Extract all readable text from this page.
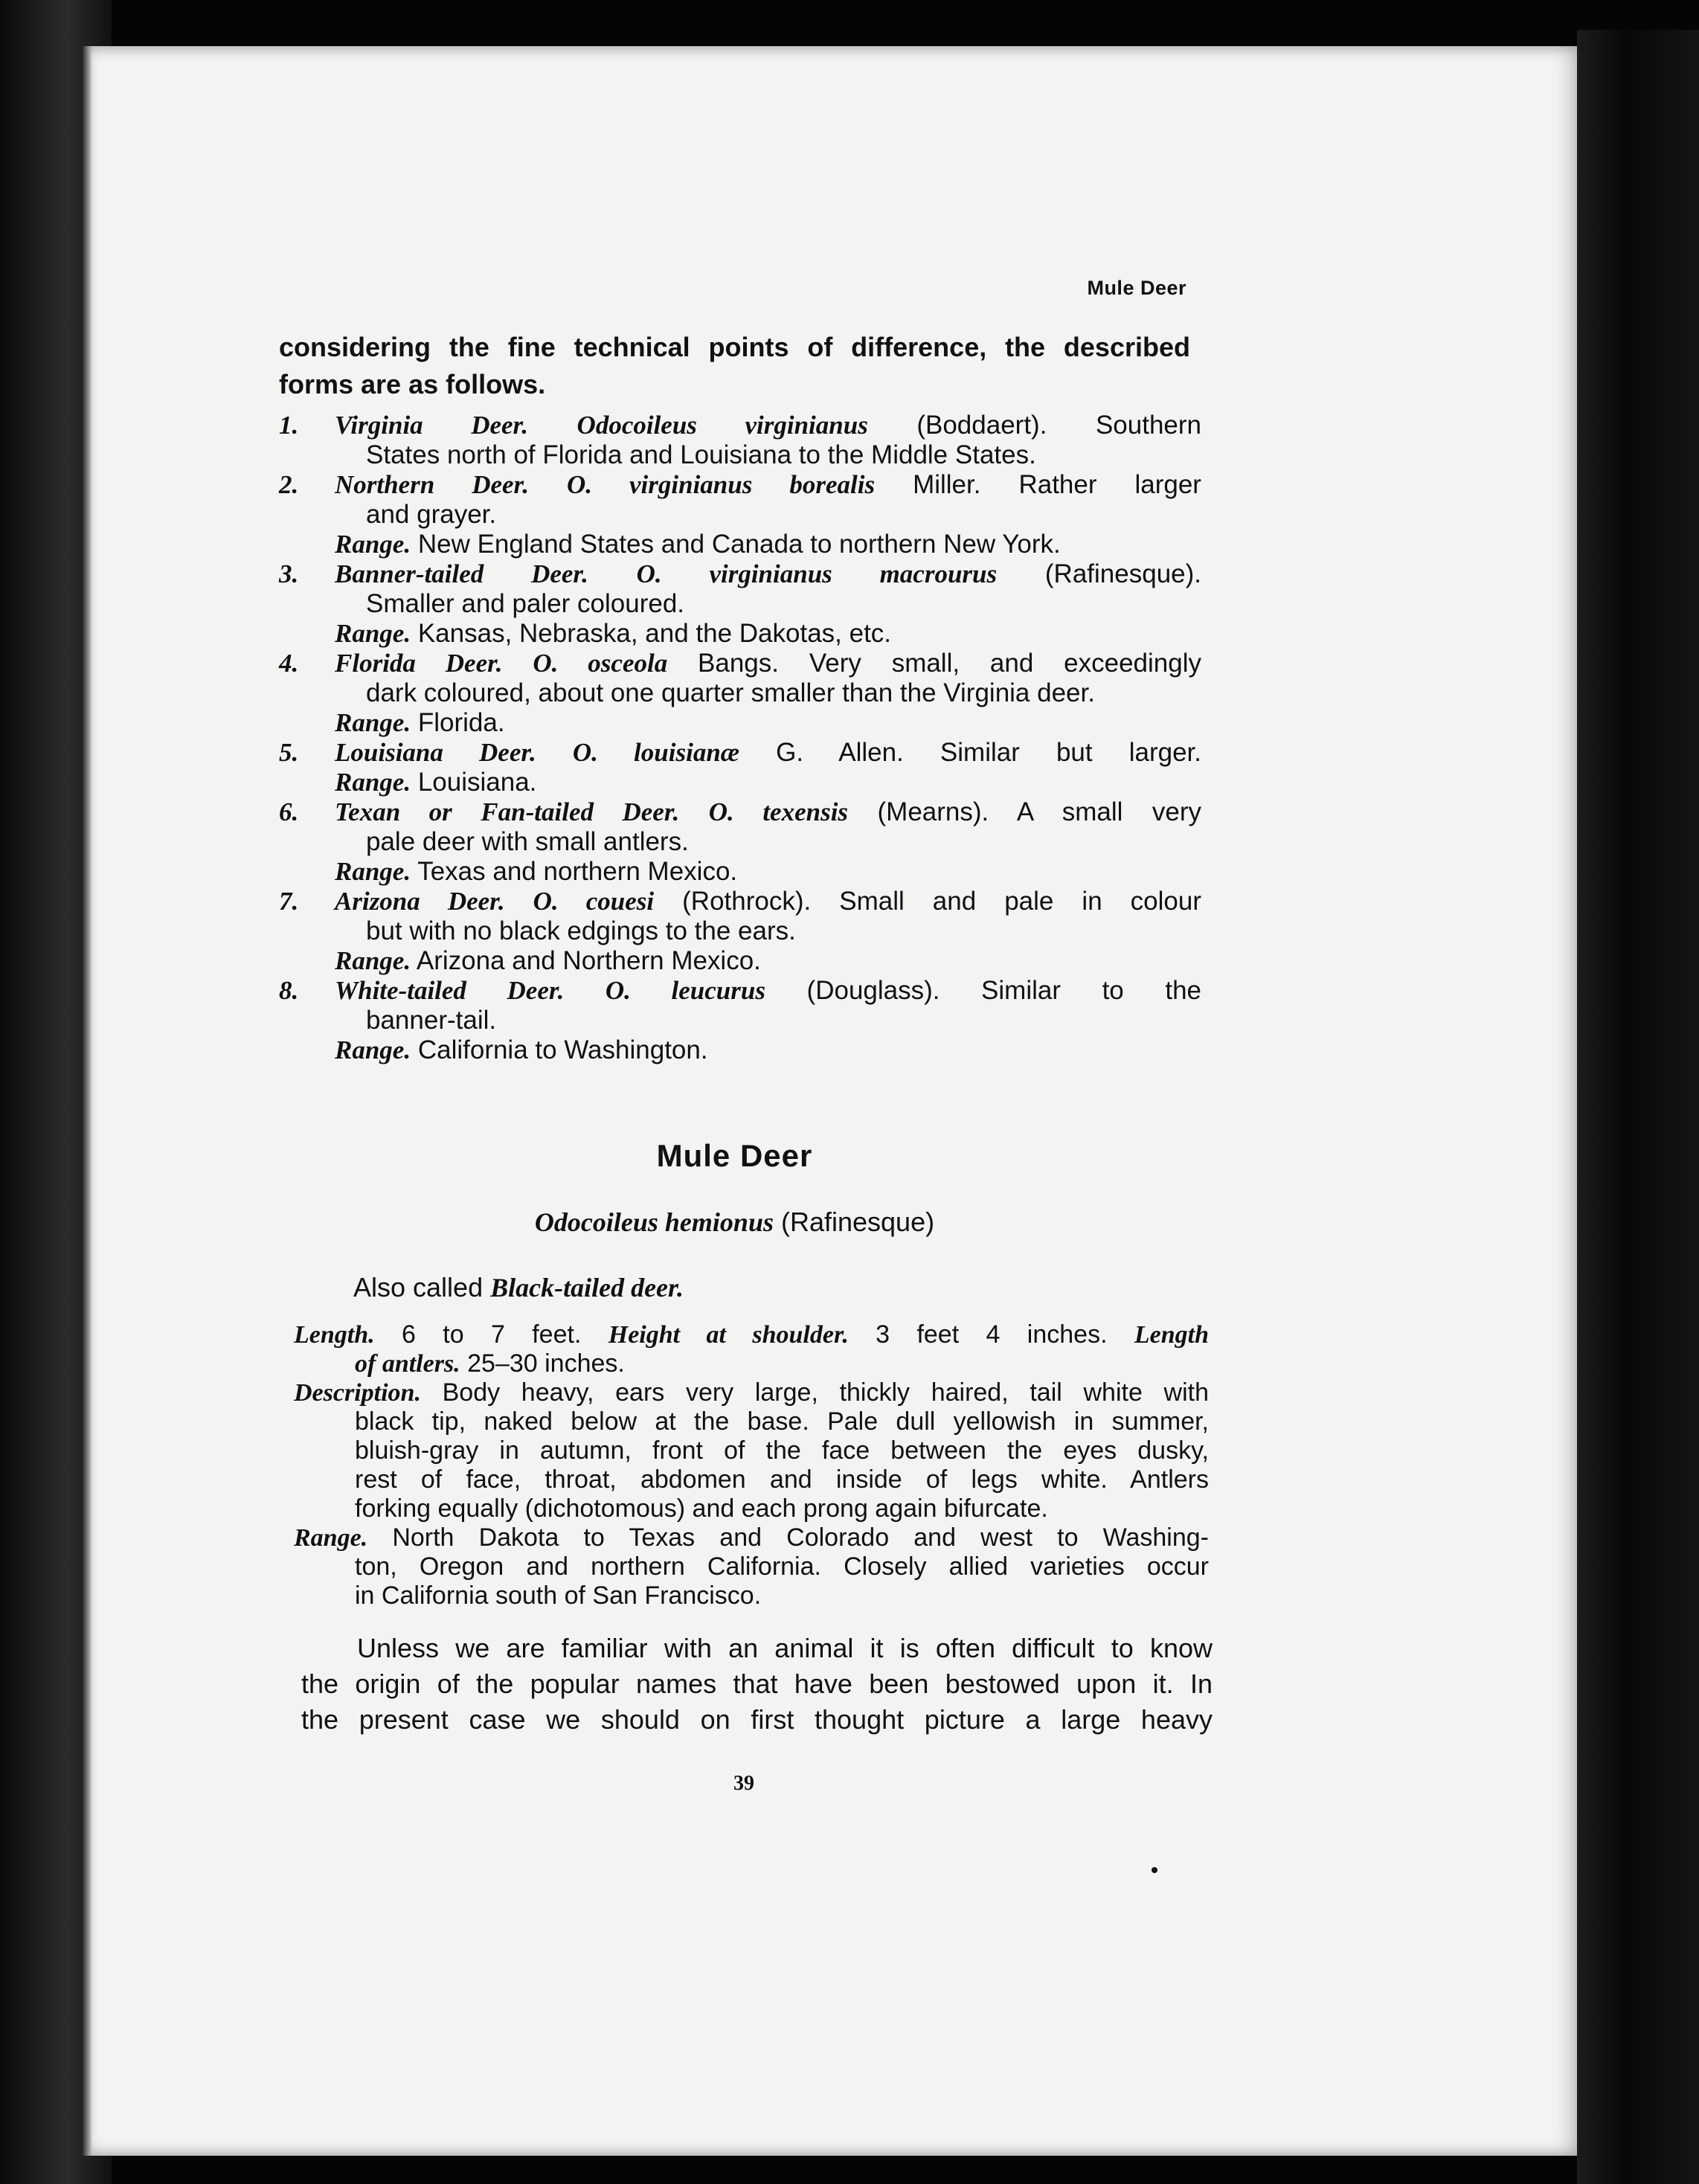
Mule Deer
considering the fine technical points of difference, the described
forms are as follows.
1. Virginia Deer. Odocoileus virginianus (Boddaert). Southern
States north of Florida and Louisiana to the Middle States.
2. Northern Deer. O. virginianus borealis Miller. Rather larger
and grayer.
Range. New England States and Canada to northern New York.
3. Banner-tailed Deer. O. virginianus macrourus (Rafinesque).
Smaller and paler coloured.
Range. Kansas, Nebraska, and the Dakotas, etc.
4. Florida Deer. O. osceola Bangs. Very small, and exceedingly
dark coloured, about one quarter smaller than the Virginia deer.
Range. Florida.
5. Louisiana Deer. O. louisianæ G. Allen. Similar but larger.
Range. Louisiana.
6. Texan or Fan-tailed Deer. O. texensis (Mearns). A small very
pale deer with small antlers.
Range. Texas and northern Mexico.
7. Arizona Deer. O. couesi (Rothrock). Small and pale in colour
but with no black edgings to the ears.
Range. Arizona and Northern Mexico.
8. White-tailed Deer. O. leucurus (Douglass). Similar to the
banner-tail.
Range. California to Washington.
Mule Deer
Odocoileus hemionus (Rafinesque)
Also called Black-tailed deer.
Length. 6 to 7 feet. Height at shoulder. 3 feet 4 inches. Length
of antlers. 25–30 inches.
Description. Body heavy, ears very large, thickly haired, tail white with
black tip, naked below at the base. Pale dull yellowish in summer,
bluish-gray in autumn, front of the face between the eyes dusky,
rest of face, throat, abdomen and inside of legs white. Antlers
forking equally (dichotomous) and each prong again bifurcate.
Range. North Dakota to Texas and Colorado and west to Washing-
ton, Oregon and northern California. Closely allied varieties occur
in California south of San Francisco.
Unless we are familiar with an animal it is often difficult to know
the origin of the popular names that have been bestowed upon it. In
the present case we should on first thought picture a large heavy
39
